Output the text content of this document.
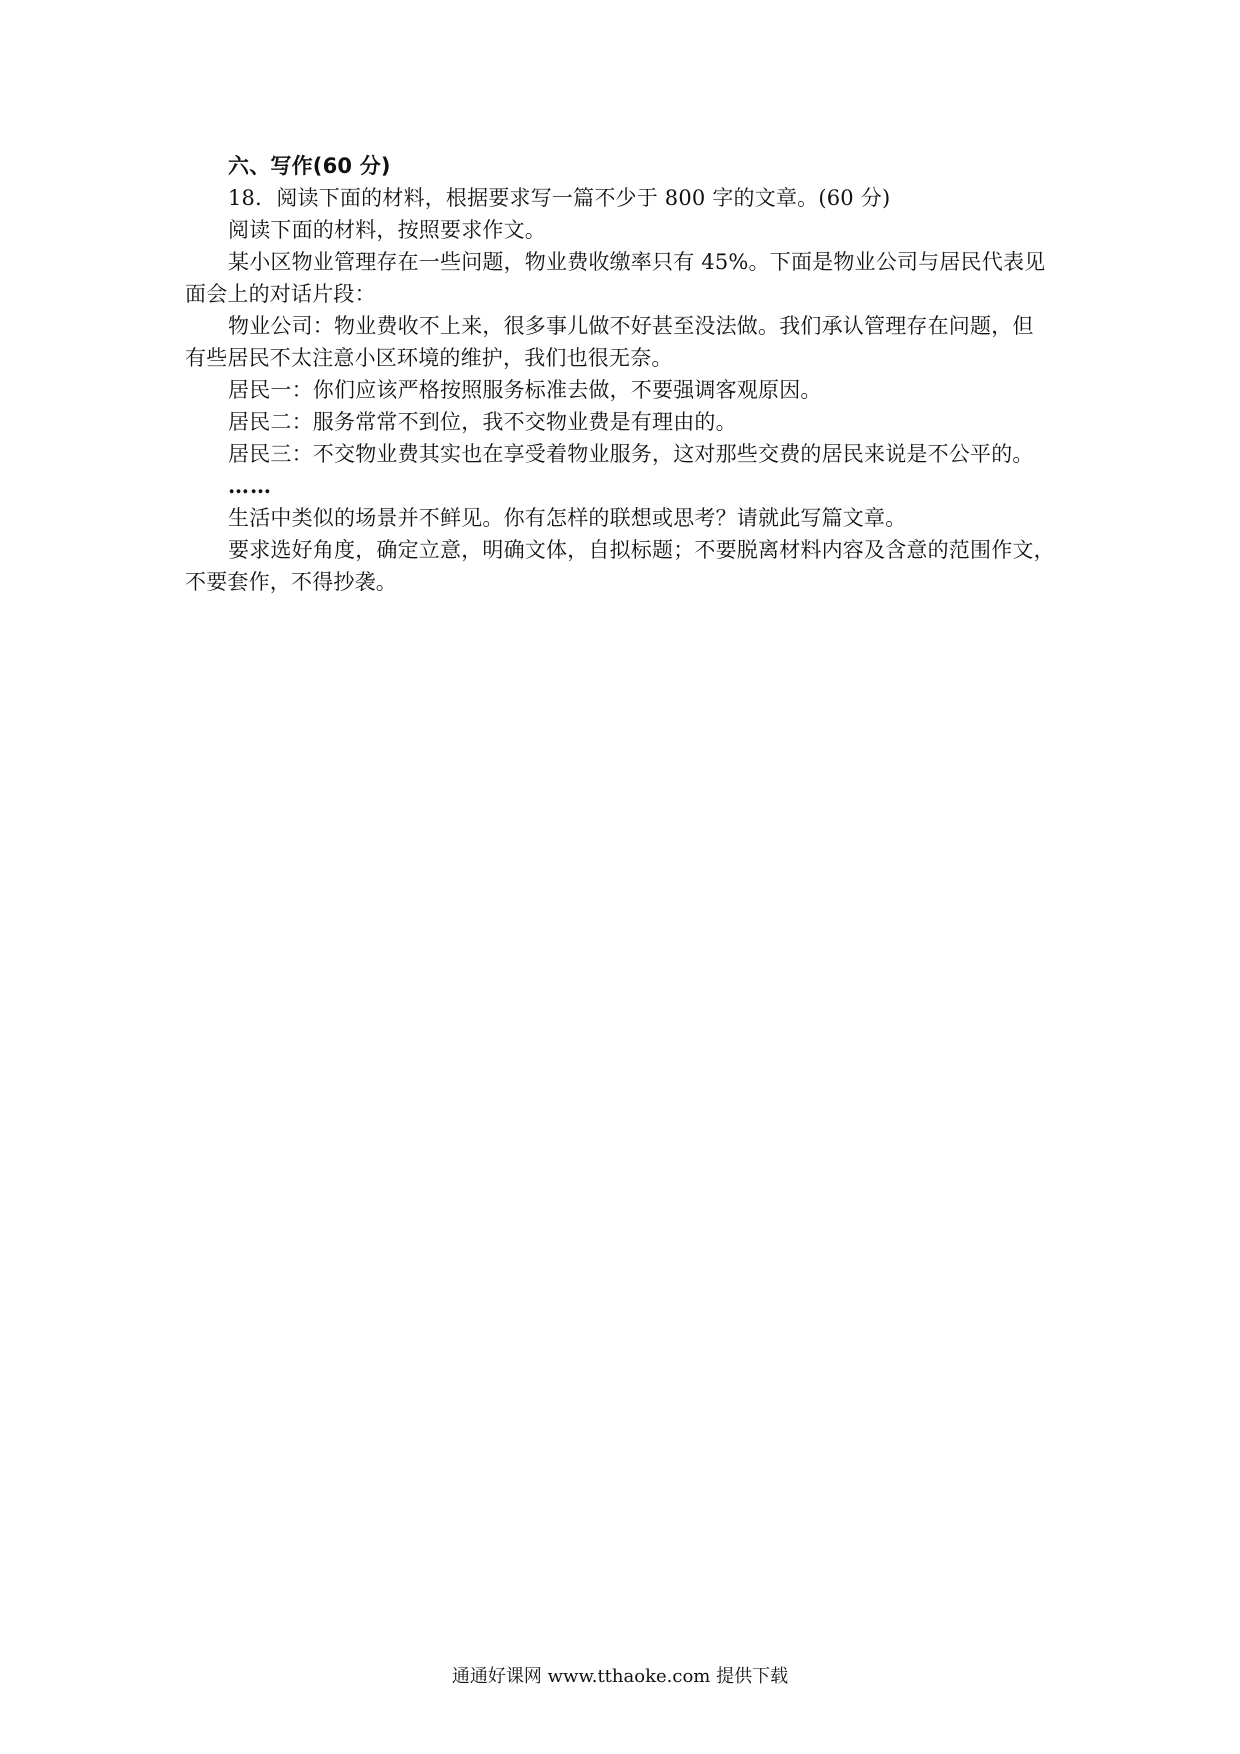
六、写作(60 分)
18．阅读下面的材料，根据要求写一篇不少于 800 字的文章。(60 分)
阅读下面的材料，按照要求作文。
某小区物业管理存在一些问题，物业费收缴率只有 45%。下面是物业公司与居民代表见
面会上的对话片段：
物业公司：物业费收不上来，很多事儿做不好甚至没法做。我们承认管理存在问题，但
有些居民不太注意小区环境的维护，我们也很无奈。
居民一：你们应该严格按照服务标准去做，不要强调客观原因。
居民二：服务常常不到位，我不交物业费是有理由的。
居民三：不交物业费其实也在享受着物业服务，这对那些交费的居民来说是不公平的。
……
生活中类似的场景并不鲜见。你有怎样的联想或思考？请就此写篇文章。
要求选好角度，确定立意，明确文体，自拟标题；不要脱离材料内容及含意的范围作文，
不要套作，不得抄袭。
通通好课网 www.tthaoke.com 提供下载
